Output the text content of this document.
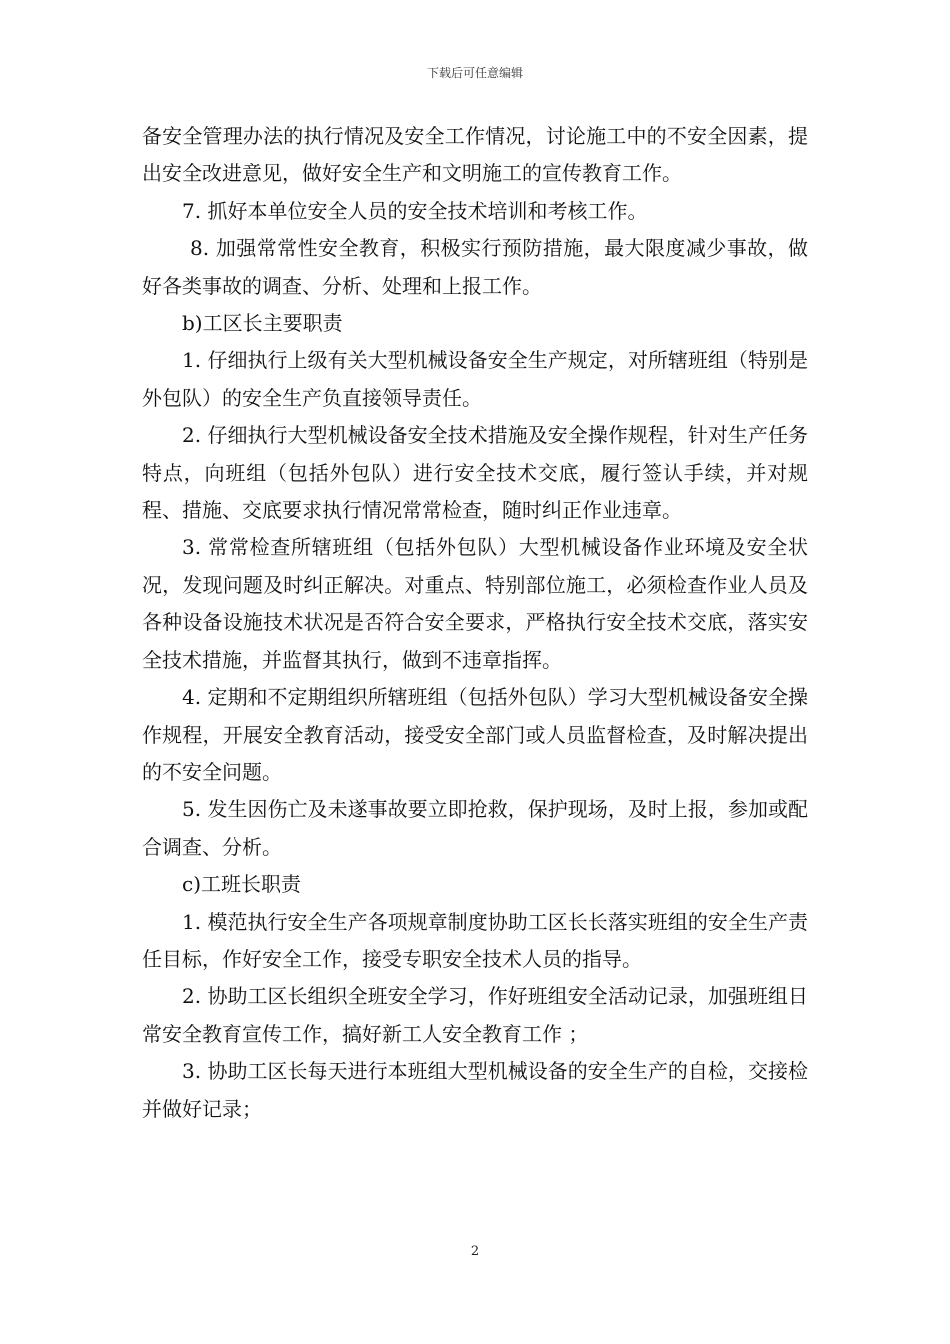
下载后可任意编辑

备安全管理办法的执行情况及安全工作情况，讨论施工中的不安全因素，提出安全改进意见，做好安全生产和文明施工的宣传教育工作。

7. 抓好本单位安全人员的安全技术培训和考核工作。

8. 加强常常性安全教育，积极实行预防措施，最大限度减少事故，做好各类事故的调查、分析、处理和上报工作。

b)工区长主要职责

1. 仔细执行上级有关大型机械设备安全生产规定，对所辖班组（特别是外包队）的安全生产负直接领导责任。

2. 仔细执行大型机械设备安全技术措施及安全操作规程，针对生产任务特点，向班组（包括外包队）进行安全技术交底，履行签认手续，并对规程、措施、交底要求执行情况常常检查，随时纠正作业违章。

3. 常常检查所辖班组（包括外包队）大型机械设备作业环境及安全状况，发现问题及时纠正解决。对重点、特别部位施工，必须检查作业人员及各种设备设施技术状况是否符合安全要求，严格执行安全技术交底，落实安全技术措施，并监督其执行，做到不违章指挥。

4. 定期和不定期组织所辖班组（包括外包队）学习大型机械设备安全操作规程，开展安全教育活动，接受安全部门或人员监督检查，及时解决提出的不安全问题。

5. 发生因伤亡及未遂事故要立即抢救，保护现场，及时上报，参加或配合调查、分析。

c)工班长职责

1. 模范执行安全生产各项规章制度协助工区长长落实班组的安全生产责任目标，作好安全工作，接受专职安全技术人员的指导。

2. 协助工区长组织全班安全学习，作好班组安全活动记录，加强班组日常安全教育宣传工作，搞好新工人安全教育工作 ；

3. 协助工区长每天进行本班组大型机械设备的安全生产的自检，交接检并做好记录；

2
